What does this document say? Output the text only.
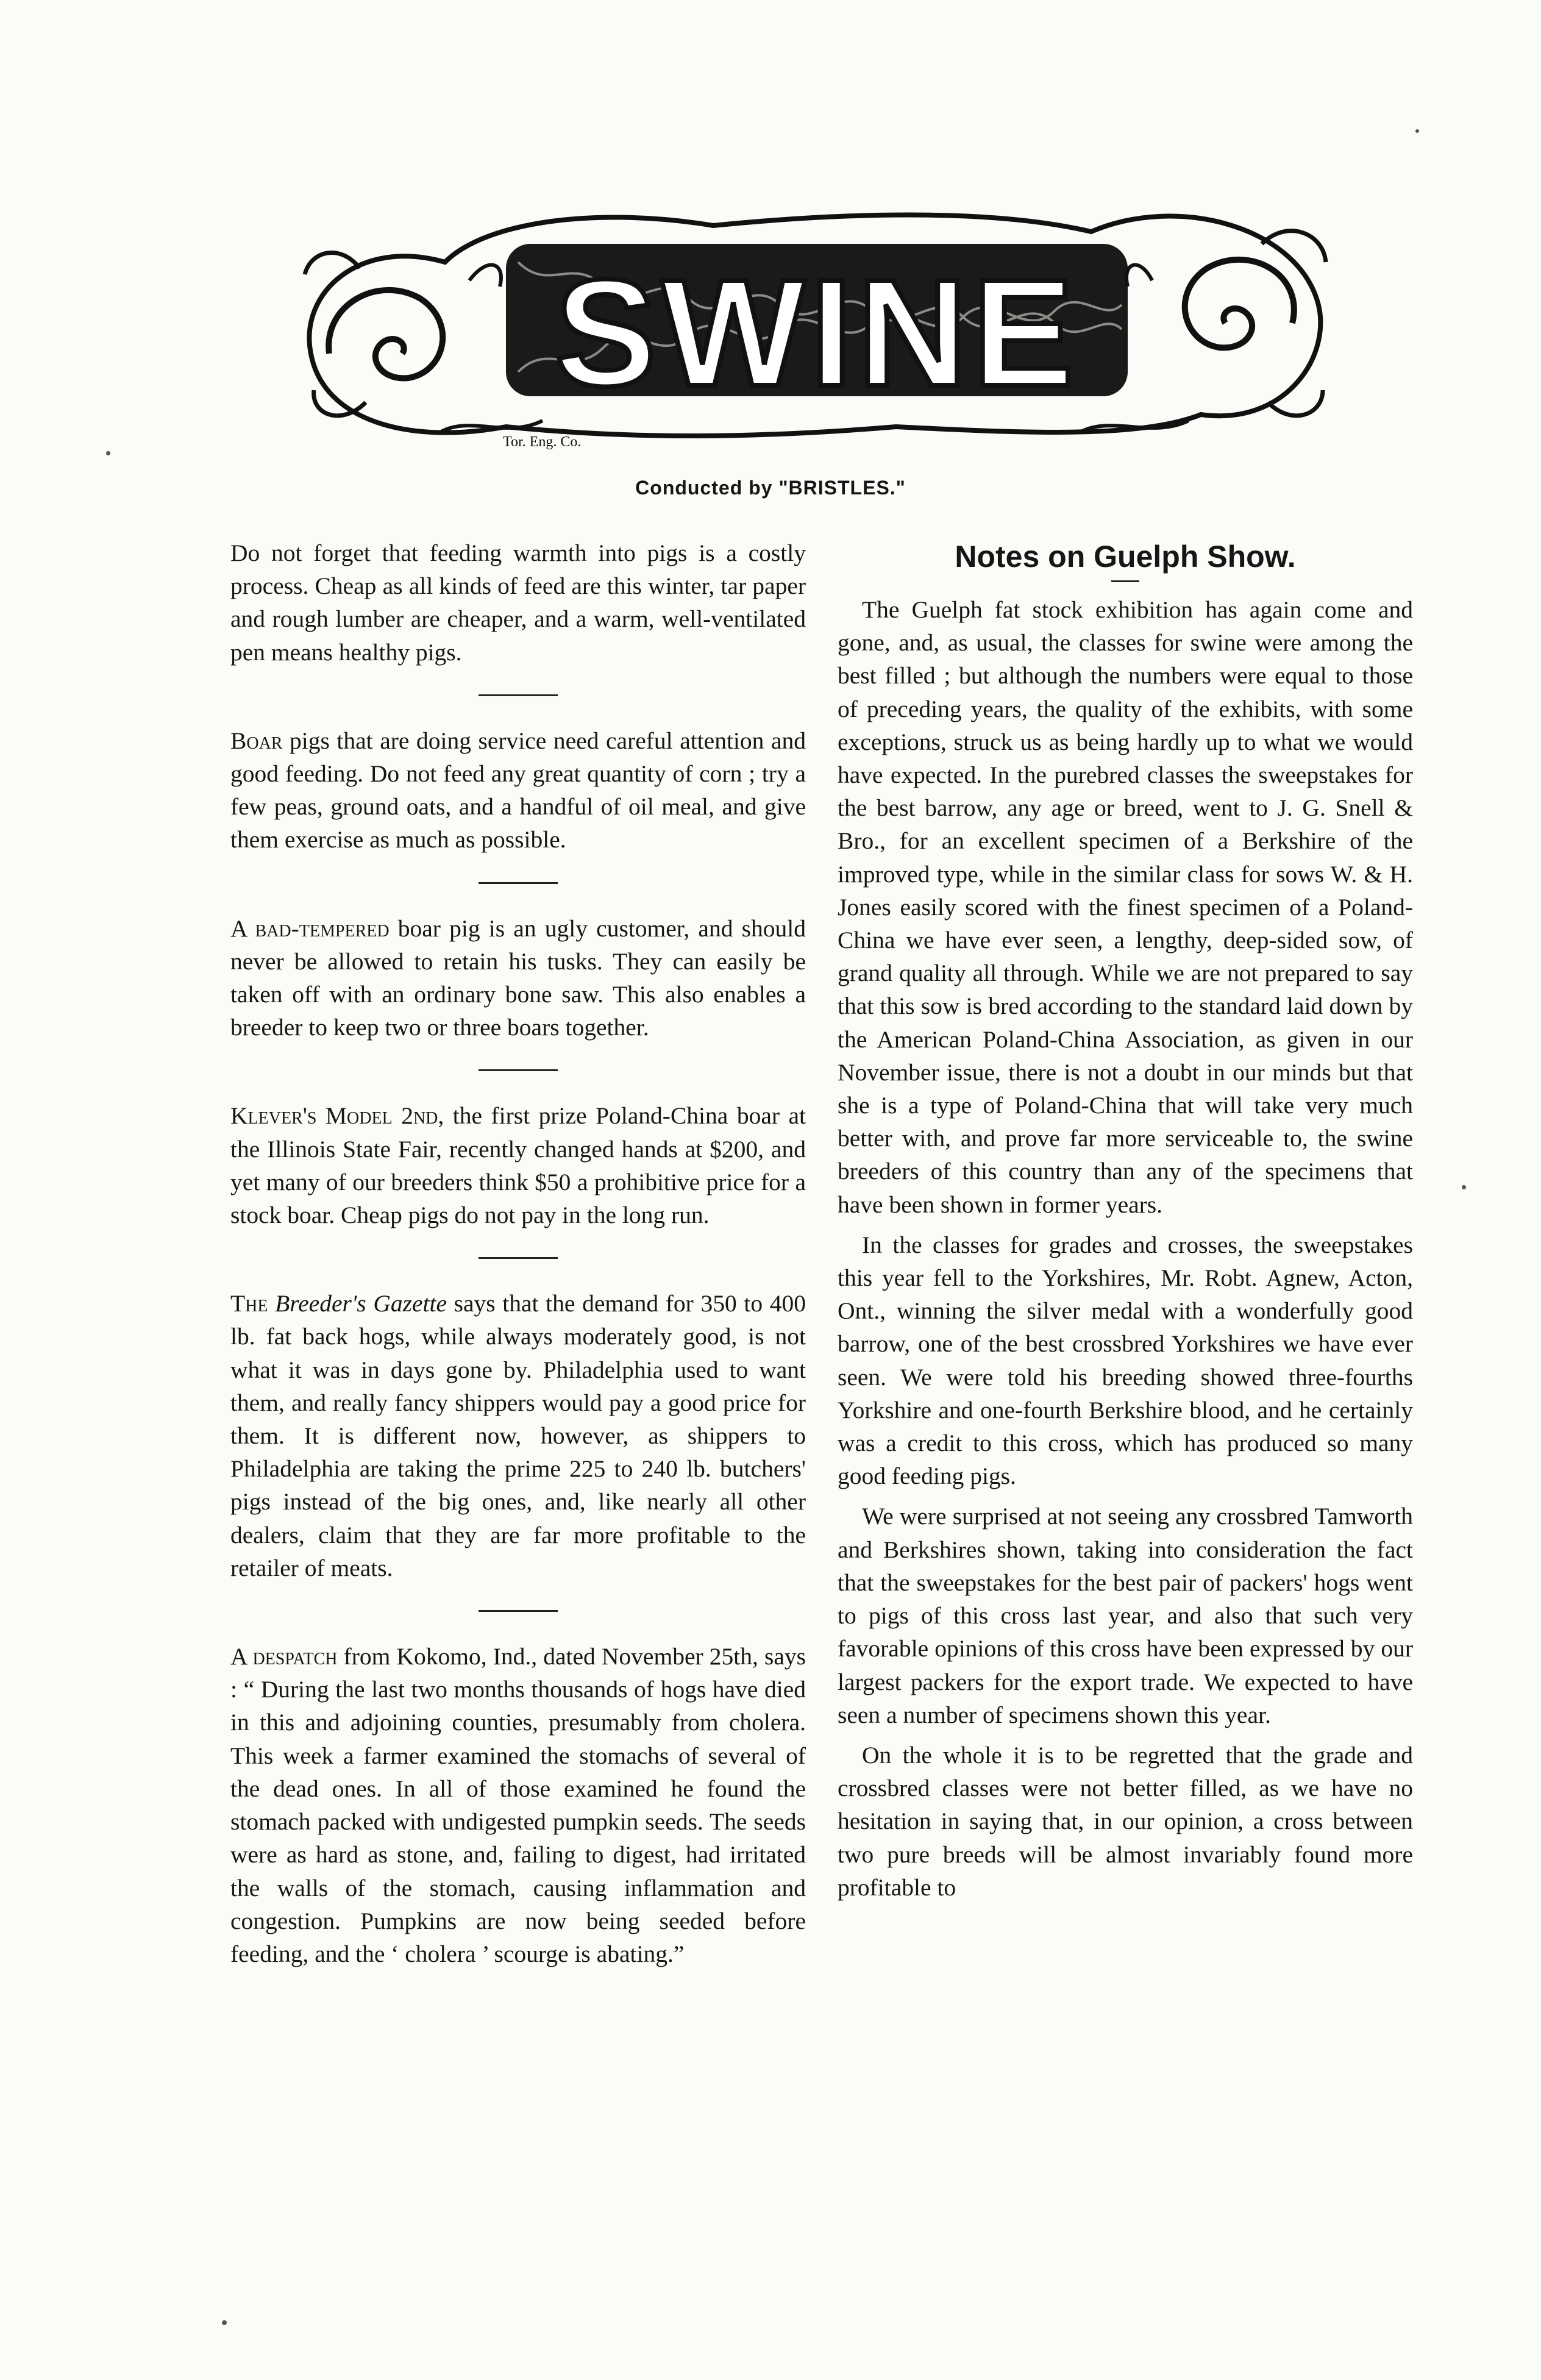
SWINE
Tor. Eng. Co.
Conducted by "BRISTLES."

Do not forget that feeding warmth into pigs is a costly process. Cheap as all kinds of feed are this winter, tar paper and rough lumber are cheaper, and a warm, well-ventilated pen means healthy pigs.

Boar pigs that are doing service need careful attention and good feeding. Do not feed any great quantity of corn ; try a few peas, ground oats, and a handful of oil meal, and give them exercise as much as possible.

A bad-tempered boar pig is an ugly customer, and should never be allowed to retain his tusks. They can easily be taken off with an ordinary bone saw. This also enables a breeder to keep two or three boars together.

Klever's Model 2nd, the first prize Poland-China boar at the Illinois State Fair, recently changed hands at $200, and yet many of our breeders think $50 a prohibitive price for a stock boar. Cheap pigs do not pay in the long run.

The Breeder's Gazette says that the demand for 350 to 400 lb. fat back hogs, while always moderately good, is not what it was in days gone by. Philadelphia used to want them, and really fancy shippers would pay a good price for them. It is different now, however, as shippers to Philadelphia are taking the prime 225 to 240 lb. butchers' pigs instead of the big ones, and, like nearly all other dealers, claim that they are far more profitable to the retailer of meats.

A despatch from Kokomo, Ind., dated November 25th, says : “ During the last two months thousands of hogs have died in this and adjoining counties, presumably from cholera. This week a farmer examined the stomachs of several of the dead ones. In all of those examined he found the stomach packed with undigested pumpkin seeds. The seeds were as hard as stone, and, failing to digest, had irritated the walls of the stomach, causing inflammation and congestion. Pumpkins are now being seeded before feeding, and the ‘ cholera ’ scourge is abating.”

Notes on Guelph Show.

The Guelph fat stock exhibition has again come and gone, and, as usual, the classes for swine were among the best filled ; but although the numbers were equal to those of preceding years, the quality of the exhibits, with some exceptions, struck us as being hardly up to what we would have expected. In the purebred classes the sweepstakes for the best barrow, any age or breed, went to J. G. Snell & Bro., for an excellent specimen of a Berkshire of the improved type, while in the similar class for sows W. & H. Jones easily scored with the finest specimen of a Poland-China we have ever seen, a lengthy, deep-sided sow, of grand quality all through. While we are not prepared to say that this sow is bred according to the standard laid down by the American Poland-China Association, as given in our November issue, there is not a doubt in our minds but that she is a type of Poland-China that will take very much better with, and prove far more serviceable to, the swine breeders of this country than any of the specimens that have been shown in former years.

In the classes for grades and crosses, the sweepstakes this year fell to the Yorkshires, Mr. Robt. Agnew, Acton, Ont., winning the silver medal with a wonderfully good barrow, one of the best crossbred Yorkshires we have ever seen. We were told his breeding showed three-fourths Yorkshire and one-fourth Berkshire blood, and he certainly was a credit to this cross, which has produced so many good feeding pigs.

We were surprised at not seeing any crossbred Tamworth and Berkshires shown, taking into consideration the fact that the sweepstakes for the best pair of packers' hogs went to pigs of this cross last year, and also that such very favorable opinions of this cross have been expressed by our largest packers for the export trade. We expected to have seen a number of specimens shown this year.

On the whole it is to be regretted that the grade and crossbred classes were not better filled, as we have no hesitation in saying that, in our opinion, a cross between two pure breeds will be almost invariably found more profitable to
